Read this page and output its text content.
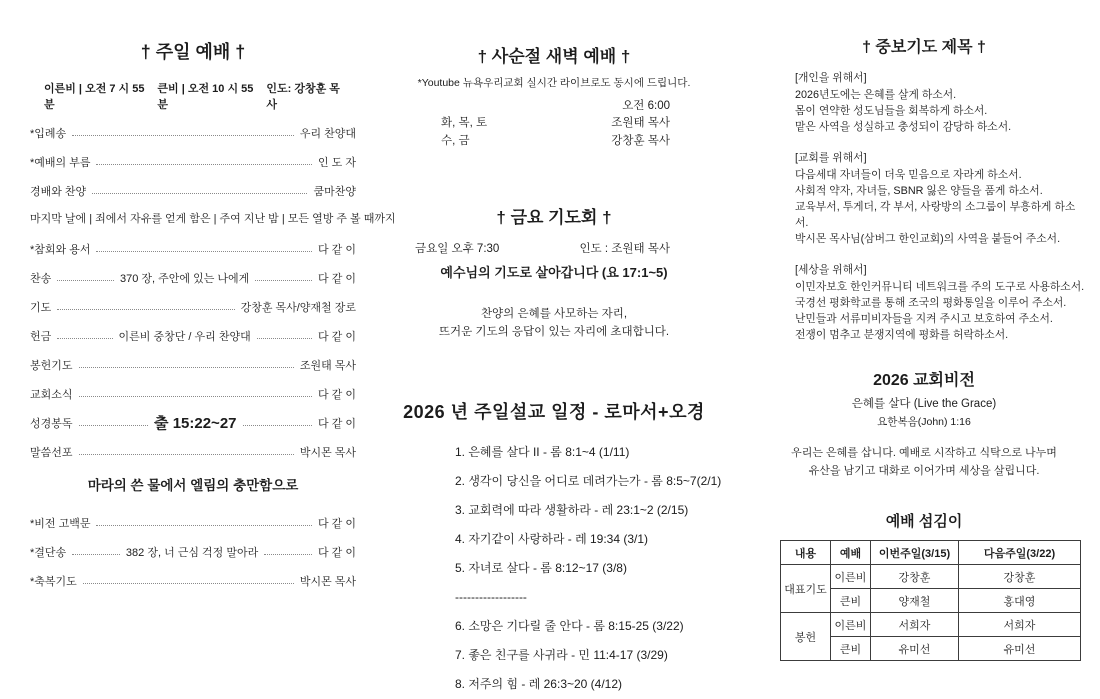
† 주일 예배 †
이른비 | 오전 7 시 55 분
큰비 | 오전 10 시 55 분
인도: 강창훈 목사
*입례송	우리 찬양대
*예배의 부름	인 도 자
경배와 찬양	쿰마찬양
마지막 날에 | 죄에서 자유를 얻게 함은 | 주여 지난 밤 | 모든 열방 주 볼 때까지
*참회와 용서	다 같 이
찬송	370 장, 주안에 있는 나에게	다 같 이
기도	강창훈 목사/양재철 장로
헌금	이른비 중창단 / 우리 찬양대	다 같 이
봉헌기도	조원태 목사
교회소식	다 같 이
성경봉독	출 15:22~27	다 같 이
말씀선포	박시몬 목사
마라의 쓴 물에서 엘림의 충만함으로
*비전 고백문	다 같 이
*결단송	382 장, 너 근심 걱정 말아라	다 같 이
*축복기도	박시몬 목사
† 사순절 새벽 예배 †
*Youtube 뉴욕우리교회 실시간 라이브로도 동시에 드립니다.
오전 6:00
화, 목, 토	조원태 목사
수, 금	강창훈 목사
† 금요 기도회 †
금요일 오후 7:30	인도 : 조원태 목사
예수님의 기도로 살아갑니다 (요 17:1~5)
찬양의 은혜를 사모하는 자리,
뜨거운 기도의 응답이 있는 자리에 초대합니다.
2026 년 주일설교 일정 - 로마서+오경
1. 은혜를 살다 II - 롬 8:1~4 (1/11)
2. 생각이 당신을 어디로 데려가는가 - 롬 8:5~7(2/1)
3. 교회력에 따라 생활하라 - 레 23:1~2 (2/15)
4. 자기같이 사랑하라 - 레 19:34 (3/1)
5. 자녀로 살다 - 롬 8:12~17 (3/8)
------------------
6. 소망은 기다릴 줄 안다 - 롬 8:15-25 (3/22)
7. 좋은 친구를 사귀라 - 민 11:4-17 (3/29)
8. 저주의 힘 - 레 26:3~20 (4/12)
† 중보기도 제목 †
[개인을 위해서]
2026년도에는 은혜를 살게 하소서.
몸이 연약한 성도님들을 회복하게 하소서.
맡은 사역을 성실하고 충성되이 감당하 하소서.
[교회를 위해서]
다음세대 자녀들이 더욱 믿음으로 자라게 하소서.
사회적 약자, 자녀들, SBNR 잃은 양들을 품게 하소서.
교육부서, 투게더, 각 부서, 사랑방의 소그룹이 부흥하게 하소서.
박시몬 목사님(삼버그 한인교회)의 사역을 붙들어 주소서.
[세상을 위해서]
이민자보호 한인커뮤니티 네트워크를 주의 도구로 사용하소서.
국경선 평화학교를 통해 조국의 평화통일을 이루어 주소서.
난민들과 서류미비자들을 지켜 주시고 보호하여 주소서.
전쟁이 멈추고 분쟁지역에 평화를 허락하소서.
2026 교회비전
은혜를 살다 (Live the Grace)
요한복음(John) 1:16
우리는 은혜를 삽니다. 예배로 시작하고 식탁으로 나누며
유산을 남기고 대화로 이어가며 세상을 살립니다.
예배 섬김이
내용	예배	이번주일(3/15)	다음주일(3/22)
대표기도	이른비	강창훈	강창훈
	큰비	양재철	홍대영
봉헌	이른비	서희자	서희자
	큰비	유미선	유미선
